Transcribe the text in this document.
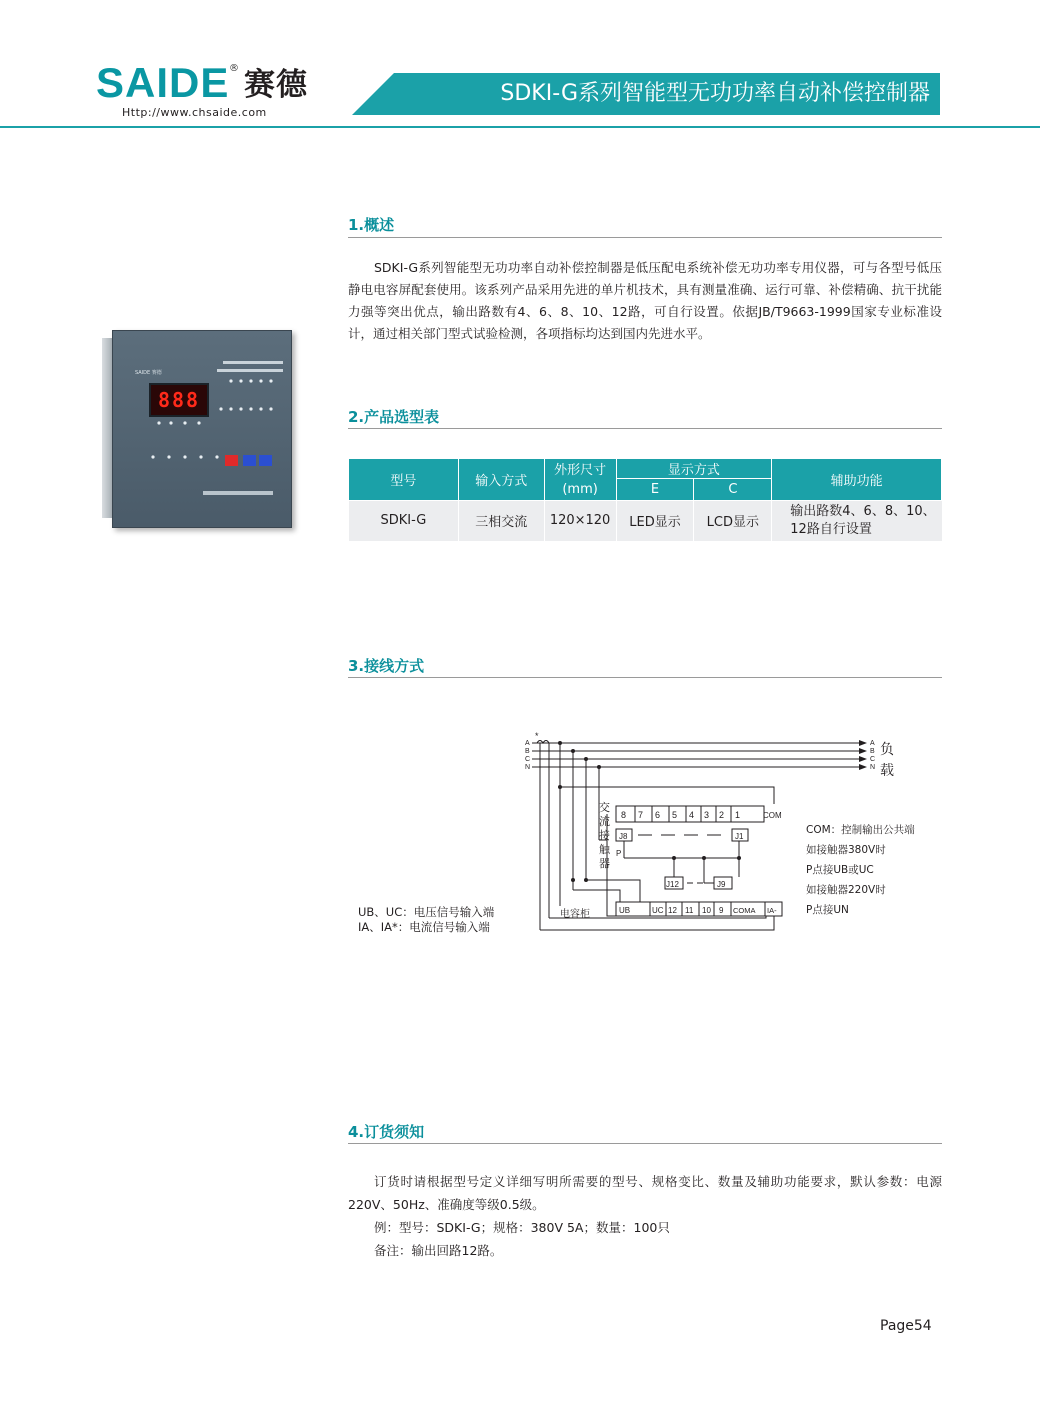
SAIDE ® 赛德
Http://www.chsaide.com
SDKI-G系列智能型无功功率自动补偿控制器
1.概述

SDKI-G系列智能型无功功率自动补偿控制器是低压配电系统补偿无功功率专用仪器，可与各型号低压静电电容屏配套使用。该系列产品采用先进的单片机技术，具有测量准确、运行可靠、补偿精确、抗干扰能力强等突出优点，输出路数有4、6、8、10、12路，可自行设置。依据JB/T9663-1999国家专业标准设计，通过相关部门型式试验检测，各项指标均达到国内先进水平。

SAIDE 赛德
888
2.产品选型表
型号	输入方式	外形尺寸	显示方式		辅助功能
		(mm)	E	C	
SDKI-G	三相交流	120×120	LED显示	LCD显示	输出路数4、6、8、10、
12路自行设置
3.接线方式
A
B
C
N
A
B
C
N
*
负
载
交
流
接
触
器
8 7 6 5 4 3 2 1	COM
J8	J1
J12	J9
P
UB	UC 12 11 10 9 COMA IA-
电容柜
UB、UC：电压信号输入端
IA、IA*：电流信号输入端
COM：控制输出公共端
如接触器380V时
P点接UB或UC
如接触器220V时
P点接UN
4.订货须知

订货时请根据型号定义详细写明所需要的型号、规格变比、数量及辅助功能要求，默认参数：电源220V、50Hz、准确度等级0.5级。

例：型号：SDKI-G；规格：380V 5A；数量：100只

备注：输出回路12路。

Page54
